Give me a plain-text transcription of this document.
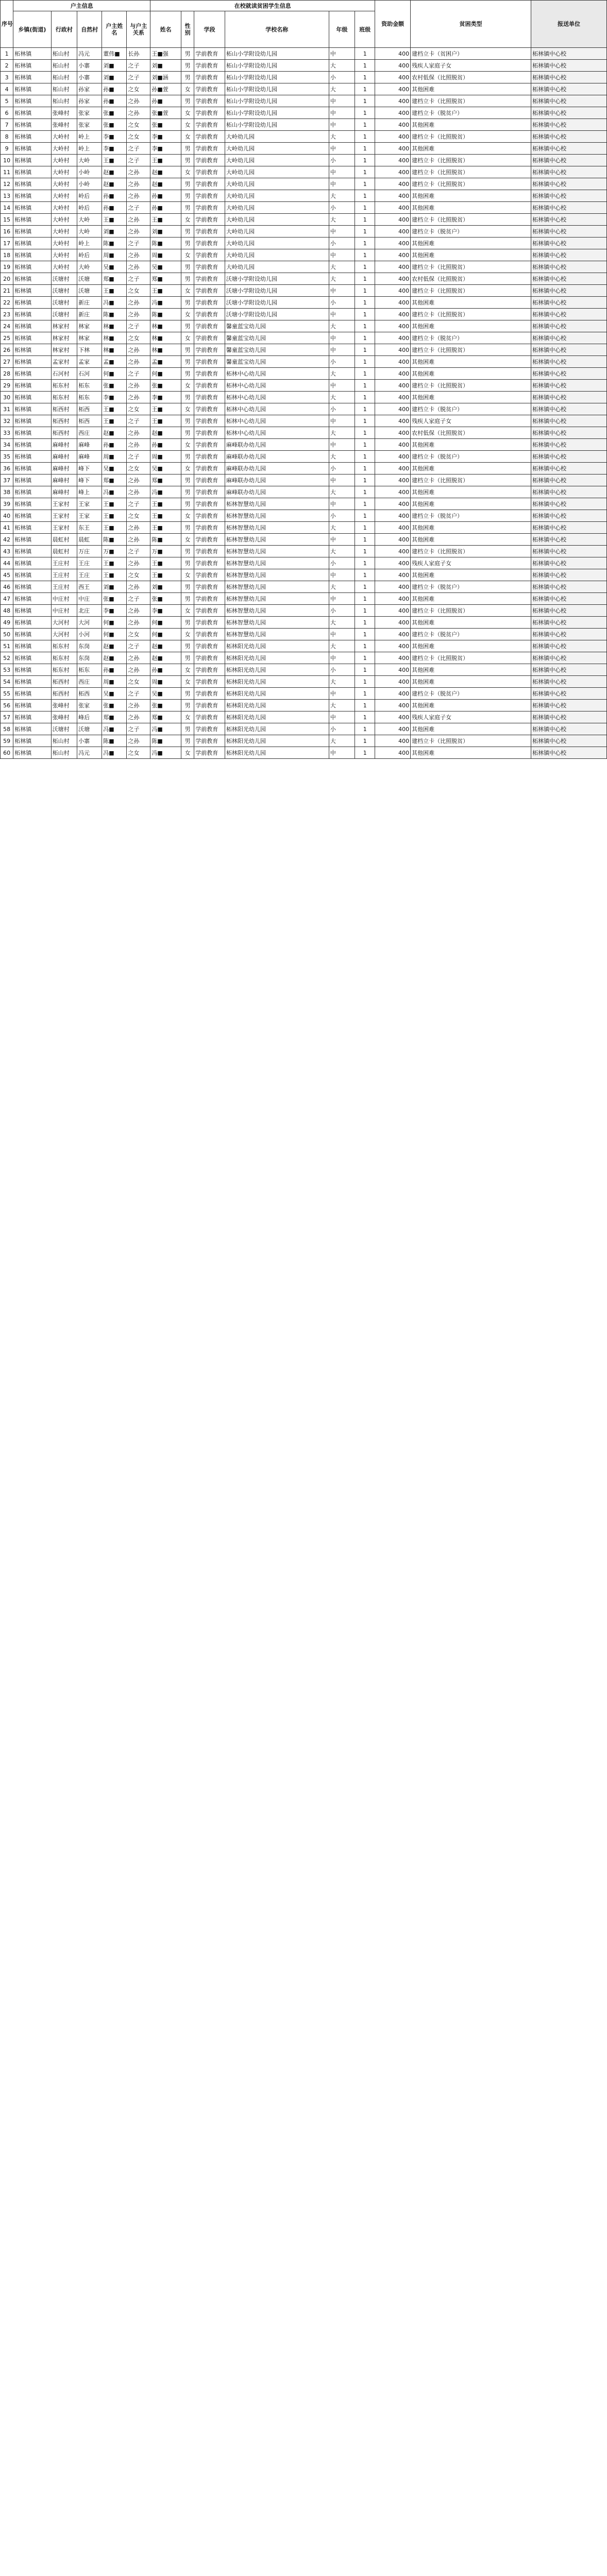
序号	户主信息					在校就读贫困学生信息						资助金额	贫困类型	报送单位
	乡镇(街道)	行政村	自然村	户主姓名	与户主关系	姓名	性别	学段	学校名称	年级	班级			
1	柘林镇	柘山村	冯元	董伟■	长孙	王■强	男	学前教育	柘山小学附设幼儿园	中	1	400	建档立卡（贫困户）	柘林镇中心校
2	柘林镇	柘山村	小寨	刘■	之子	刘■	男	学前教育	柘山小学附设幼儿园	大	1	400	残疾人家庭子女	柘林镇中心校
3	柘林镇	柘山村	小寨	刘■	之子	刘■涵	男	学前教育	柘山小学附设幼儿园	小	1	400	农村低保（比照脱贫）	柘林镇中心校
4	柘林镇	柘山村	孙家	孙■	之女	孙■萱	女	学前教育	柘山小学附设幼儿园	大	1	400	其他困难	柘林镇中心校
5	柘林镇	柘山村	孙家	孙■	之孙	孙■	男	学前教育	柘山小学附设幼儿园	中	1	400	建档立卡（比照脱贫）	柘林镇中心校
6	柘林镇	张峰村	张家	张■	之孙	张■萱	女	学前教育	柘山小学附设幼儿园	中	1	400	建档立卡（脱贫户）	柘林镇中心校
7	柘林镇	张峰村	张家	张■	之女	张■	女	学前教育	柘山小学附设幼儿园	中	1	400	其他困难	柘林镇中心校
8	柘林镇	大岭村	岭上	李■	之女	李■	女	学前教育	大岭幼儿园	大	1	400	建档立卡（比照脱贫）	柘林镇中心校
9	柘林镇	大岭村	岭上	李■	之子	李■	男	学前教育	大岭幼儿园	中	1	400	其他困难	柘林镇中心校
10	柘林镇	大岭村	大岭	王■	之子	王■	男	学前教育	大岭幼儿园	小	1	400	建档立卡（比照脱贫）	柘林镇中心校
11	柘林镇	大岭村	小岭	赵■	之孙	赵■	女	学前教育	大岭幼儿园	中	1	400	建档立卡（比照脱贫）	柘林镇中心校
12	柘林镇	大岭村	小岭	赵■	之孙	赵■	男	学前教育	大岭幼儿园	中	1	400	建档立卡（比照脱贫）	柘林镇中心校
13	柘林镇	大岭村	岭后	孙■	之孙	孙■	男	学前教育	大岭幼儿园	大	1	400	其他困难	柘林镇中心校
14	柘林镇	大岭村	岭后	孙■	之子	孙■	男	学前教育	大岭幼儿园	小	1	400	其他困难	柘林镇中心校
15	柘林镇	大岭村	大岭	王■	之孙	王■	女	学前教育	大岭幼儿园	大	1	400	建档立卡（比照脱贫）	柘林镇中心校
16	柘林镇	大岭村	大岭	刘■	之孙	刘■	男	学前教育	大岭幼儿园	中	1	400	建档立卡（脱贫户）	柘林镇中心校
17	柘林镇	大岭村	岭上	陈■	之子	陈■	男	学前教育	大岭幼儿园	小	1	400	其他困难	柘林镇中心校
18	柘林镇	大岭村	岭后	周■	之孙	周■	女	学前教育	大岭幼儿园	中	1	400	其他困难	柘林镇中心校
19	柘林镇	大岭村	大岭	吴■	之孙	吴■	男	学前教育	大岭幼儿园	大	1	400	建档立卡（比照脱贫）	柘林镇中心校
20	柘林镇	沃塘村	沃塘	郑■	之子	郑■	男	学前教育	沃塘小学附设幼儿园	大	1	400	农村低保（比照脱贫）	柘林镇中心校
21	柘林镇	沃塘村	沃塘	王■	之女	王■	女	学前教育	沃塘小学附设幼儿园	中	1	400	建档立卡（比照脱贫）	柘林镇中心校
22	柘林镇	沃塘村	新庄	冯■	之孙	冯■	男	学前教育	沃塘小学附设幼儿园	小	1	400	其他困难	柘林镇中心校
23	柘林镇	沃塘村	新庄	陈■	之孙	陈■	女	学前教育	沃塘小学附设幼儿园	中	1	400	建档立卡（比照脱贫）	柘林镇中心校
24	柘林镇	林家村	林家	林■	之子	林■	男	学前教育	馨童蓝宝幼儿园	大	1	400	其他困难	柘林镇中心校
25	柘林镇	林家村	林家	林■	之女	林■	女	学前教育	馨童蓝宝幼儿园	中	1	400	建档立卡（脱贫户）	柘林镇中心校
26	柘林镇	林家村	下林	林■	之孙	林■	男	学前教育	馨童蓝宝幼儿园	中	1	400	建档立卡（比照脱贫）	柘林镇中心校
27	柘林镇	孟家村	孟家	孟■	之孙	孟■	男	学前教育	馨童蓝宝幼儿园	小	1	400	其他困难	柘林镇中心校
28	柘林镇	石河村	石河	何■	之子	何■	男	学前教育	柘林中心幼儿园	大	1	400	其他困难	柘林镇中心校
29	柘林镇	柘东村	柘东	张■	之孙	张■	女	学前教育	柘林中心幼儿园	中	1	400	建档立卡（比照脱贫）	柘林镇中心校
30	柘林镇	柘东村	柘东	李■	之孙	李■	男	学前教育	柘林中心幼儿园	大	1	400	其他困难	柘林镇中心校
31	柘林镇	柘西村	柘西	王■	之女	王■	女	学前教育	柘林中心幼儿园	小	1	400	建档立卡（脱贫户）	柘林镇中心校
32	柘林镇	柘西村	柘西	王■	之子	王■	男	学前教育	柘林中心幼儿园	中	1	400	残疾人家庭子女	柘林镇中心校
33	柘林镇	柘西村	西庄	赵■	之孙	赵■	男	学前教育	柘林中心幼儿园	大	1	400	农村低保（比照脱贫）	柘林镇中心校
34	柘林镇	麻峰村	麻峰	孙■	之孙	孙■	女	学前教育	麻峰联办幼儿园	中	1	400	其他困难	柘林镇中心校
35	柘林镇	麻峰村	麻峰	周■	之子	周■	男	学前教育	麻峰联办幼儿园	大	1	400	建档立卡（脱贫户）	柘林镇中心校
36	柘林镇	麻峰村	峰下	吴■	之女	吴■	女	学前教育	麻峰联办幼儿园	小	1	400	其他困难	柘林镇中心校
37	柘林镇	麻峰村	峰下	郑■	之孙	郑■	男	学前教育	麻峰联办幼儿园	中	1	400	建档立卡（比照脱贫）	柘林镇中心校
38	柘林镇	麻峰村	峰上	冯■	之孙	冯■	男	学前教育	麻峰联办幼儿园	大	1	400	其他困难	柘林镇中心校
39	柘林镇	王家村	王家	王■	之子	王■	男	学前教育	柘林智慧幼儿园	中	1	400	其他困难	柘林镇中心校
40	柘林镇	王家村	王家	王■	之女	王■	女	学前教育	柘林智慧幼儿园	小	1	400	建档立卡（脱贫户）	柘林镇中心校
41	柘林镇	王家村	东王	王■	之孙	王■	男	学前教育	柘林智慧幼儿园	大	1	400	其他困难	柘林镇中心校
42	柘林镇	晨虹村	晨虹	陈■	之孙	陈■	女	学前教育	柘林智慧幼儿园	中	1	400	其他困难	柘林镇中心校
43	柘林镇	晨虹村	万庄	万■	之子	万■	男	学前教育	柘林智慧幼儿园	大	1	400	建档立卡（比照脱贫）	柘林镇中心校
44	柘林镇	王庄村	王庄	王■	之孙	王■	男	学前教育	柘林智慧幼儿园	小	1	400	残疾人家庭子女	柘林镇中心校
45	柘林镇	王庄村	王庄	王■	之女	王■	女	学前教育	柘林智慧幼儿园	中	1	400	其他困难	柘林镇中心校
46	柘林镇	王庄村	西王	刘■	之孙	刘■	男	学前教育	柘林智慧幼儿园	大	1	400	建档立卡（脱贫户）	柘林镇中心校
47	柘林镇	中庄村	中庄	张■	之子	张■	男	学前教育	柘林智慧幼儿园	中	1	400	其他困难	柘林镇中心校
48	柘林镇	中庄村	北庄	李■	之孙	李■	女	学前教育	柘林智慧幼儿园	小	1	400	建档立卡（比照脱贫）	柘林镇中心校
49	柘林镇	大河村	大河	何■	之孙	何■	男	学前教育	柘林智慧幼儿园	大	1	400	其他困难	柘林镇中心校
50	柘林镇	大河村	小河	何■	之女	何■	女	学前教育	柘林智慧幼儿园	中	1	400	建档立卡（脱贫户）	柘林镇中心校
51	柘林镇	柘东村	东岗	赵■	之子	赵■	男	学前教育	柘林阳光幼儿园	大	1	400	其他困难	柘林镇中心校
52	柘林镇	柘东村	东岗	赵■	之孙	赵■	男	学前教育	柘林阳光幼儿园	中	1	400	建档立卡（比照脱贫）	柘林镇中心校
53	柘林镇	柘东村	柘东	孙■	之孙	孙■	女	学前教育	柘林阳光幼儿园	小	1	400	其他困难	柘林镇中心校
54	柘林镇	柘西村	西庄	周■	之女	周■	女	学前教育	柘林阳光幼儿园	大	1	400	其他困难	柘林镇中心校
55	柘林镇	柘西村	柘西	吴■	之子	吴■	男	学前教育	柘林阳光幼儿园	中	1	400	建档立卡（脱贫户）	柘林镇中心校
56	柘林镇	张峰村	张家	张■	之孙	张■	男	学前教育	柘林阳光幼儿园	大	1	400	其他困难	柘林镇中心校
57	柘林镇	张峰村	峰后	郑■	之孙	郑■	女	学前教育	柘林阳光幼儿园	中	1	400	残疾人家庭子女	柘林镇中心校
58	柘林镇	沃塘村	沃塘	冯■	之子	冯■	男	学前教育	柘林阳光幼儿园	小	1	400	其他困难	柘林镇中心校
59	柘林镇	柘山村	小寨	陈■	之孙	陈■	男	学前教育	柘林阳光幼儿园	大	1	400	建档立卡（比照脱贫）	柘林镇中心校
60	柘林镇	柘山村	冯元	冯■	之女	冯■	女	学前教育	柘林阳光幼儿园	中	1	400	其他困难	柘林镇中心校
